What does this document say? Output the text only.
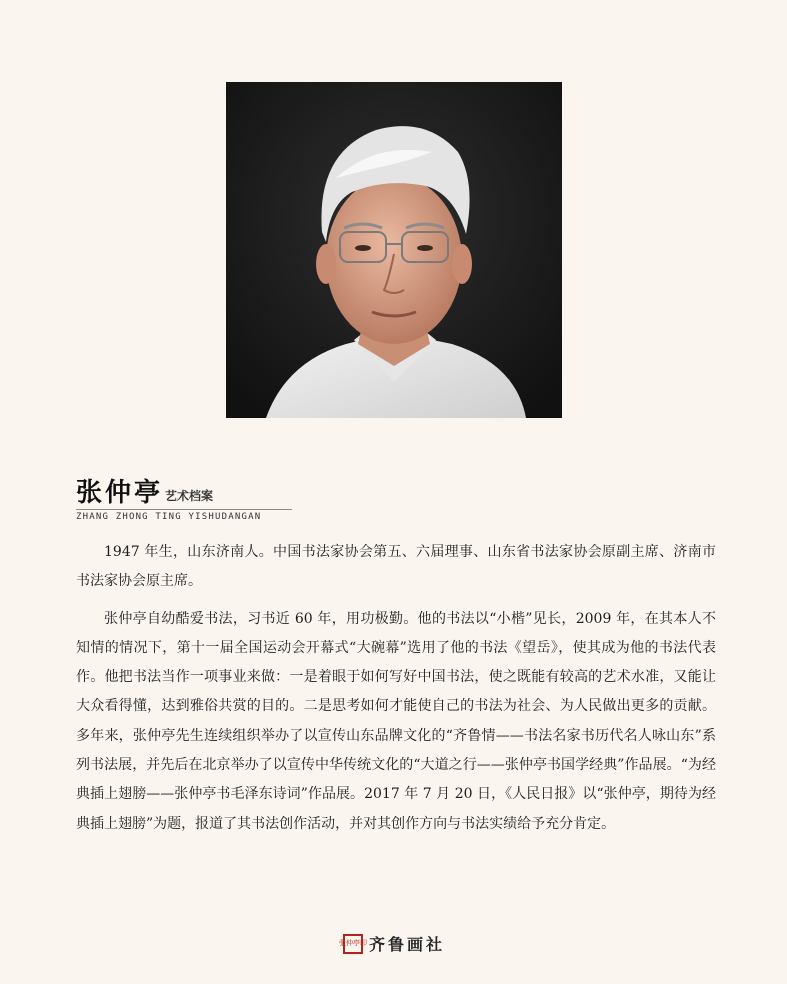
张仲亭 艺术档案
ZHANG ZHONG TING YISHUDANGAN

1947 年生，山东济南人。中国书法家协会第五、六届理事、山东省书法家协会原副主席、济南市书法家协会原主席。

张仲亭自幼酷爱书法，习书近 60 年，用功极勤。他的书法以“小楷”见长，2009 年，在其本人不知情的情况下，第十一届全国运动会开幕式“大碗幕”选用了他的书法《望岳》，使其成为他的书法代表作。他把书法当作一项事业来做：一是着眼于如何写好中国书法，使之既能有较高的艺术水准，又能让大众看得懂，达到雅俗共赏的目的。二是思考如何才能使自己的书法为社会、为人民做出更多的贡献。多年来，张仲亭先生连续组织举办了以宣传山东品牌文化的“齐鲁情——书法名家书历代名人咏山东”系列书法展，并先后在北京举办了以宣传中华传统文化的“大道之行——张仲亭书国学经典”作品展。“为经典插上翅膀——张仲亭书毛泽东诗词”作品展。2017 年 7 月 20 日，《人民日报》以“张仲亭，期待为经典插上翅膀”为题，报道了其书法创作活动，并对其创作方向与书法实绩给予充分肯定。

张仲亭印 齐鲁画社
